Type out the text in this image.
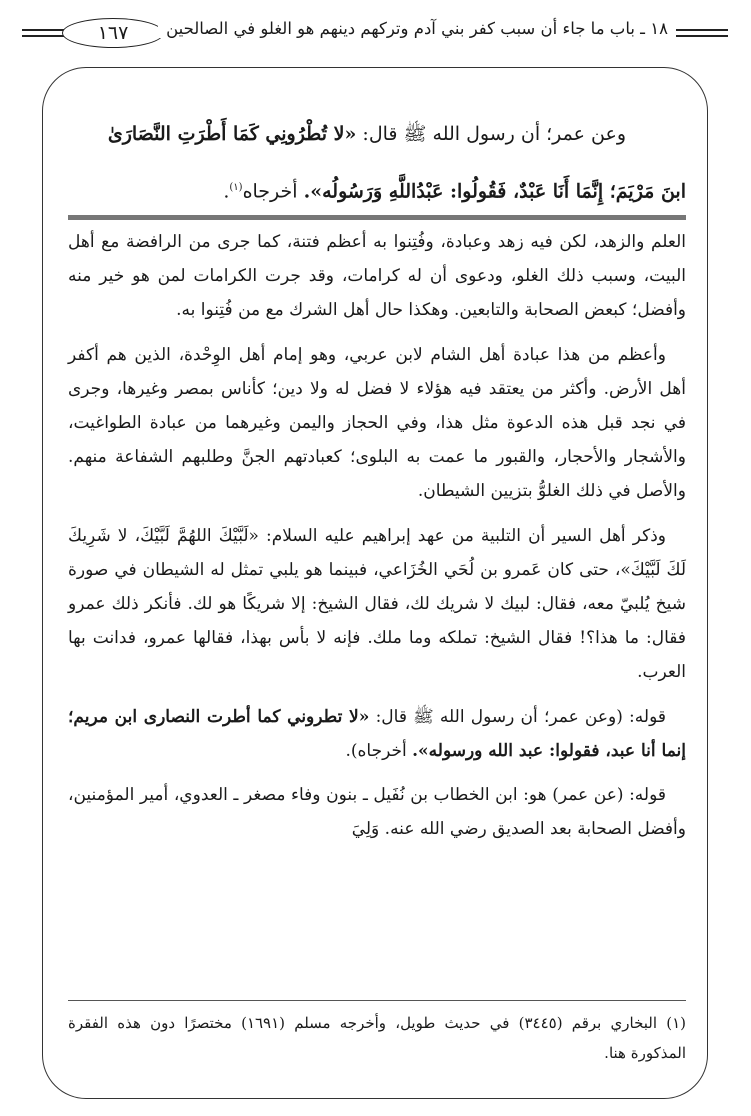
١٦٧	١٨ ـ باب ما جاء أن سبب كفر بني آدم وتركهم دينهم هو الغلو في الصالحين
وعن عمر؛ أن رسول الله ﷺ قال: «لا تُطْرُونِي كَمَا أَطْرَتِ النَّصَارَىٰ
ابنَ مَرْيَمَ؛ إِنَّمَا أَنَا عَبْدٌ، فَقُولُوا: عَبْدُاللَّهِ وَرَسُولُه». أخرجاه$^{(١)}$.

العلم والزهد، لكن فيه زهد وعبادة، وفُتِنوا به أعظم فتنة، كما جرى من الرافضة مع أهل البيت، وسبب ذلك الغلو، ودعوى أن له كرامات، وقد جرت الكرامات لمن هو خير منه وأفضل؛ كبعض الصحابة والتابعين. وهكذا حال أهل الشرك مع من فُتِنوا به.

وأعظم من هذا عبادة أهل الشام لابن عربي، وهو إمام أهل الوِحْدة، الذين هم أكفر أهل الأرض. وأكثر من يعتقد فيه هؤلاء لا فضل له ولا دين؛ كأناس بمصر وغيرها، وجرى في نجد قبل هذه الدعوة مثل هذا، وفي الحجاز واليمن وغيرهما من عبادة الطواغيت، والأشجار والأحجار، والقبور ما عمت به البلوى؛ كعبادتهم الجنَّ وطلبهم الشفاعة منهم. والأصل في ذلك الغلوُّ بتزيين الشيطان.

وذكر أهل السير أن التلبية من عهد إبراهيم عليه السلام: «لَبَّيْكَ اللهُمَّ لَبَّيْكَ، لا شَرِيكَ لَكَ لَبَّيْكَ»، حتى كان عَمرو بن لُحَي الخُزَاعي، فبينما هو يلبي تمثل له الشيطان في صورة شيخ يُلبيّ معه، فقال: لبيك لا شريك لك، فقال الشيخ: إلا شريكًا هو لك. فأنكر ذلك عمرو فقال: ما هذا؟! فقال الشيخ: تملكه وما ملك. فإنه لا بأس بهذا، فقالها عمرو، فدانت بها العرب.

قوله: (وعن عمر؛ أن رسول الله ﷺ قال: «لا تطروني كما أطرت النصارى ابن مريم؛ إنما أنا عبد، فقولوا: عبد الله ورسوله». أخرجاه).

قوله: (عن عمر) هو: ابن الخطاب بن نُفَيل ـ بنون وفاء مصغر ـ العدوي، أمير المؤمنين، وأفضل الصحابة بعد الصديق رضي الله عنه. وَلِيَ

(١) البخاري برقم (٣٤٤٥) في حديث طويل، وأخرجه مسلم (١٦٩١) مختصرًا دون هذه الفقرة المذكورة هنا.
